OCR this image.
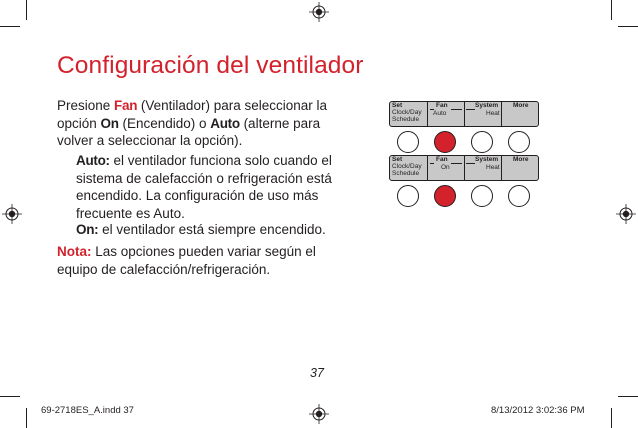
Configuración del ventilador
Presione Fan (Ventilador) para seleccionar la opción On (Encendido) o Auto (alterne para volver a seleccionar la opción).
Auto: el ventilador funciona solo cuando el sistema de calefacción o refrigeración está encendido. La configuración de uso más frecuente es Auto.
On: el ventilador está siempre encendido.
Nota: Las opciones pueden variar según el equipo de calefacción/refrigeración.
Set
Clock/Day
Schedule
Fan
Auto
System
Heat
More
Set
Clock/Day
Schedule
Fan
On
System
Heat
More
37
69-2718ES_A.indd 37	8/13/2012 3:02:36 PM
